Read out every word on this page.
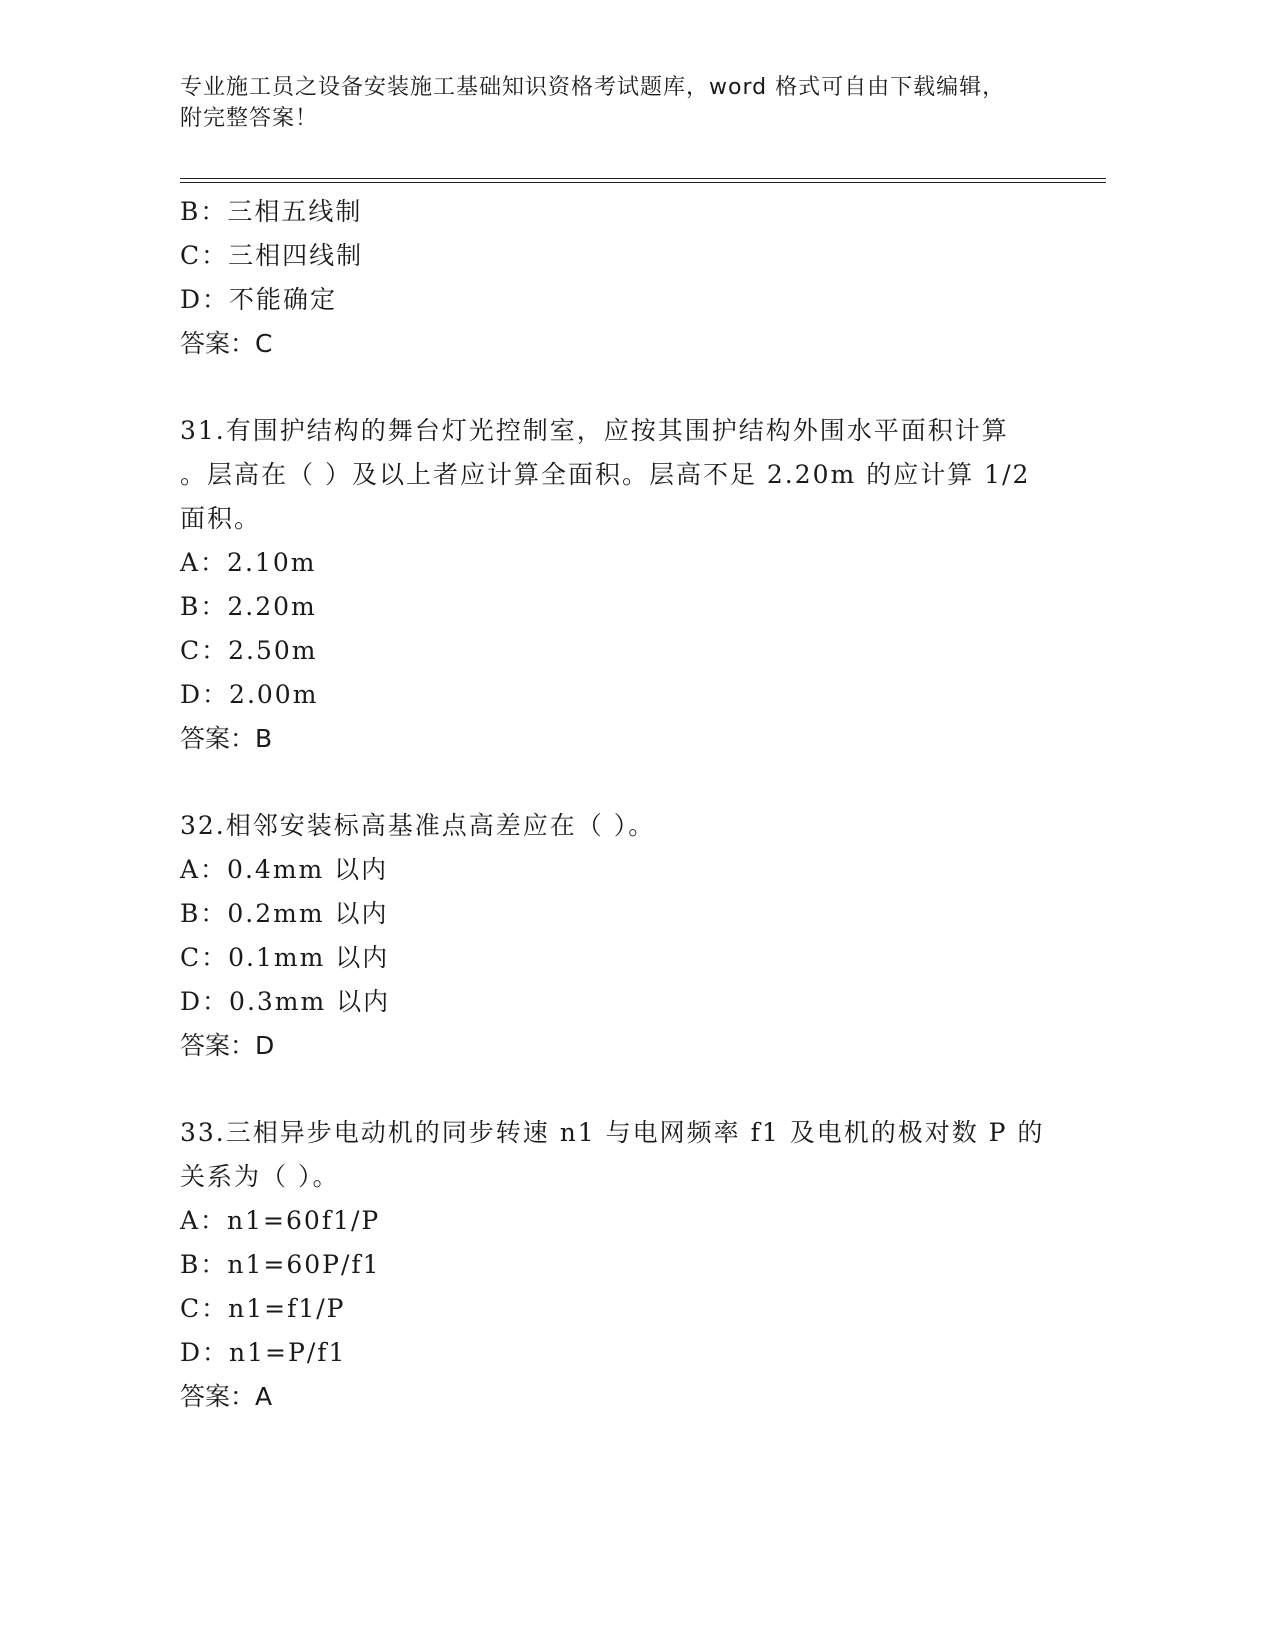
专业施工员之设备安装施工基础知识资格考试题库，word 格式可自由下载编辑，
附完整答案！
B：三相五线制
C：三相四线制
D：不能确定
答案：C
31.有围护结构的舞台灯光控制室，应按其围护结构外围水平面积计算
。层高在（ ）及以上者应计算全面积。层高不足 2.20m 的应计算 1/2
面积。
A：2.10m
B：2.20m
C：2.50m
D：2.00m
答案：B
32.相邻安装标高基准点高差应在（ ）。
A：0.4mm 以内
B：0.2mm 以内
C：0.1mm 以内
D：0.3mm 以内
答案：D
33.三相异步电动机的同步转速 n1 与电网频率 f1 及电机的极对数 P 的
关系为（ ）。
A：n1=60f1/P
B：n1=60P/f1
C：n1=f1/P
D：n1=P/f1
答案：A
